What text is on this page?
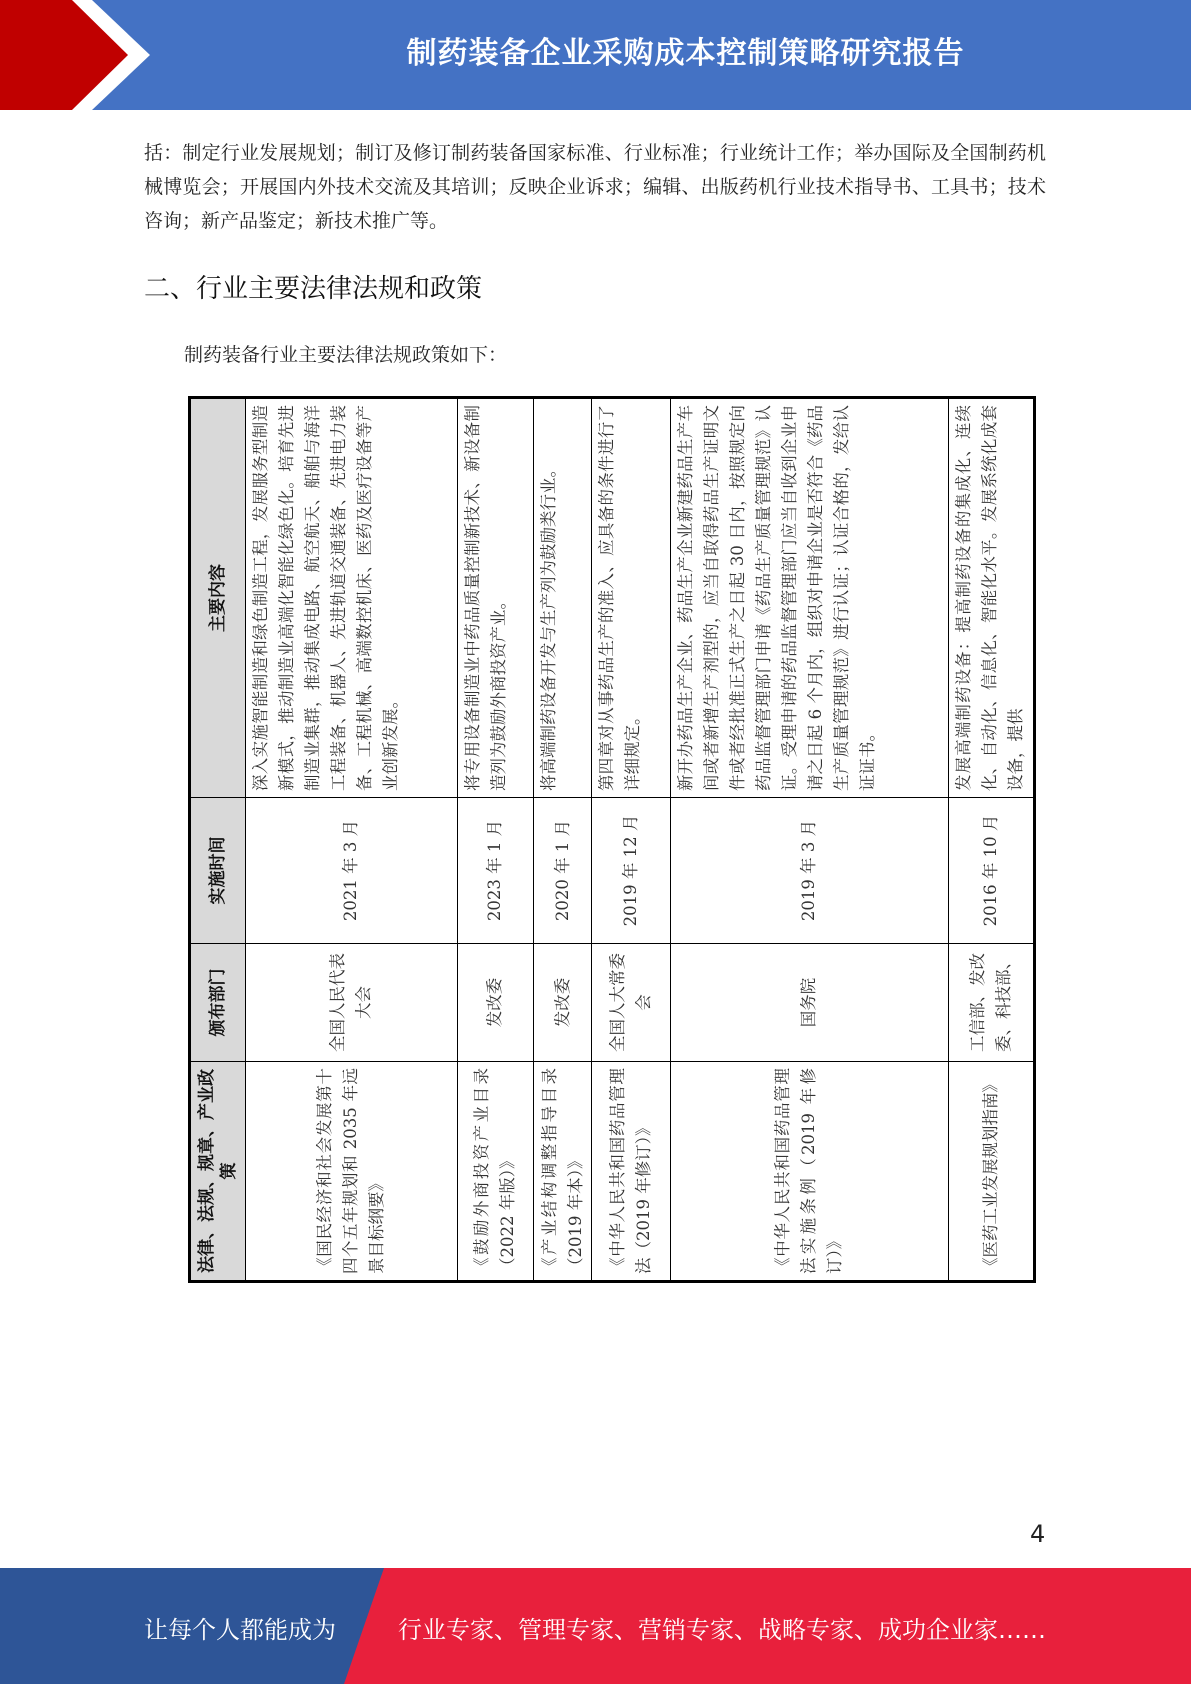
制药装备企业采购成本控制策略研究报告

括：制定行业发展规划；制订及修订制药装备国家标准、行业标准；行业统计工作；举办国际及全国制药机械博览会；开展国内外技术交流及其培训；反映企业诉求；编辑、出版药机行业技术指导书、工具书；技术咨询；新产品鉴定；新技术推广等。

二、行业主要法律法规和政策
制药装备行业主要法律法规政策如下：
法律、法规、规章、产业政策	颁布部门	实施时间	主要内容
《国民经济和社会发展第十四个五年规划和 2035 年远景目标纲要》	全国人民代表大会	2021 年 3 月	深入实施智能制造和绿色制造工程，发展服务型制造新模式，推动制造业高端化智能化绿色化。培育先进制造业集群，推动集成电路、航空航天、船舶与海洋工程装备、机器人、先进轨道交通装备、先进电力装备、工程机械、高端数控机床、医药及医疗设备等产业创新发展。
《鼓励外商投资产业目录（2022 年版）》	发改委	2023 年 1 月	将专用设备制造业中药品质量控制新技术、新设备制造列为鼓励外商投资产业。
《产业结构调整指导目录（2019 年本）》	发改委	2020 年 1 月	将高端制药设备开发与生产列为鼓励类行业。
《中华人民共和国药品管理法（2019 年修订）》	全国人大常委会	2019 年 12 月	第四章对从事药品生产的准入、应具备的条件进行了详细规定。
《中华人民共和国药品管理法实施条例（2019 年修订）》	国务院	2019 年 3 月	新开办药品生产企业、药品生产企业新建药品生产车间或者新增生产剂型的，应当自取得药品生产证明文件或者经批准正式生产之日起 30 日内，按照规定向药品监督管理部门申请《药品生产质量管理规范》认证。受理申请的药品监督管理部门应当自收到企业申请之日起 6 个月内，组织对申请企业是否符合《药品生产质量管理规范》进行认证；认证合格的，发给认证证书。
《医药工业发展规划指南》	工信部、发改委、科技部、	2016 年 10 月	发展高端制药设备：提高制药设备的集成化、连续化、自动化、信息化、智能化水平。发展系统化成套设备，提供
4
让每个人都能成为	行业专家、管理专家、营销专家、战略专家、成功企业家……
